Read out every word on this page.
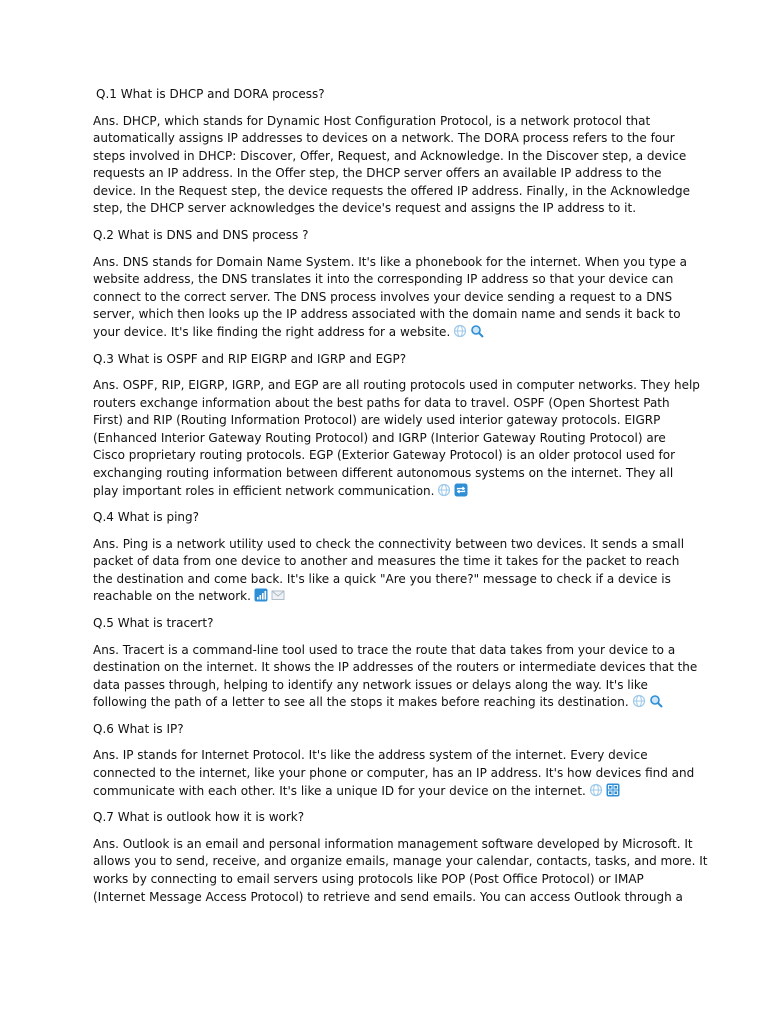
Q.1 What is DHCP and DORA process?
Ans. DHCP, which stands for Dynamic Host Configuration Protocol, is a network protocol that
automatically assigns IP addresses to devices on a network. The DORA process refers to the four
steps involved in DHCP: Discover, Offer, Request, and Acknowledge. In the Discover step, a device
requests an IP address. In the Offer step, the DHCP server offers an available IP address to the
device. In the Request step, the device requests the offered IP address. Finally, in the Acknowledge
step, the DHCP server acknowledges the device's request and assigns the IP address to it.
Q.2 What is DNS and DNS process ?
Ans. DNS stands for Domain Name System. It's like a phonebook for the internet. When you type a
website address, the DNS translates it into the corresponding IP address so that your device can
connect to the correct server. The DNS process involves your device sending a request to a DNS
server, which then looks up the IP address associated with the domain name and sends it back to
your device. It's like finding the right address for a website.
Q.3 What is OSPF and RIP EIGRP and IGRP and EGP?
Ans. OSPF, RIP, EIGRP, IGRP, and EGP are all routing protocols used in computer networks. They help
routers exchange information about the best paths for data to travel. OSPF (Open Shortest Path
First) and RIP (Routing Information Protocol) are widely used interior gateway protocols. EIGRP
(Enhanced Interior Gateway Routing Protocol) and IGRP (Interior Gateway Routing Protocol) are
Cisco proprietary routing protocols. EGP (Exterior Gateway Protocol) is an older protocol used for
exchanging routing information between different autonomous systems on the internet. They all
play important roles in efficient network communication.
Q.4 What is ping?
Ans. Ping is a network utility used to check the connectivity between two devices. It sends a small
packet of data from one device to another and measures the time it takes for the packet to reach
the destination and come back. It's like a quick "Are you there?" message to check if a device is
reachable on the network.
Q.5 What is tracert?
Ans. Tracert is a command-line tool used to trace the route that data takes from your device to a
destination on the internet. It shows the IP addresses of the routers or intermediate devices that the
data passes through, helping to identify any network issues or delays along the way. It's like
following the path of a letter to see all the stops it makes before reaching its destination.
Q.6 What is IP?
Ans. IP stands for Internet Protocol. It's like the address system of the internet. Every device
connected to the internet, like your phone or computer, has an IP address. It's how devices find and
communicate with each other. It's like a unique ID for your device on the internet.
Q.7 What is outlook how it is work?
Ans. Outlook is an email and personal information management software developed by Microsoft. It
allows you to send, receive, and organize emails, manage your calendar, contacts, tasks, and more. It
works by connecting to email servers using protocols like POP (Post Office Protocol) or IMAP
(Internet Message Access Protocol) to retrieve and send emails. You can access Outlook through a
